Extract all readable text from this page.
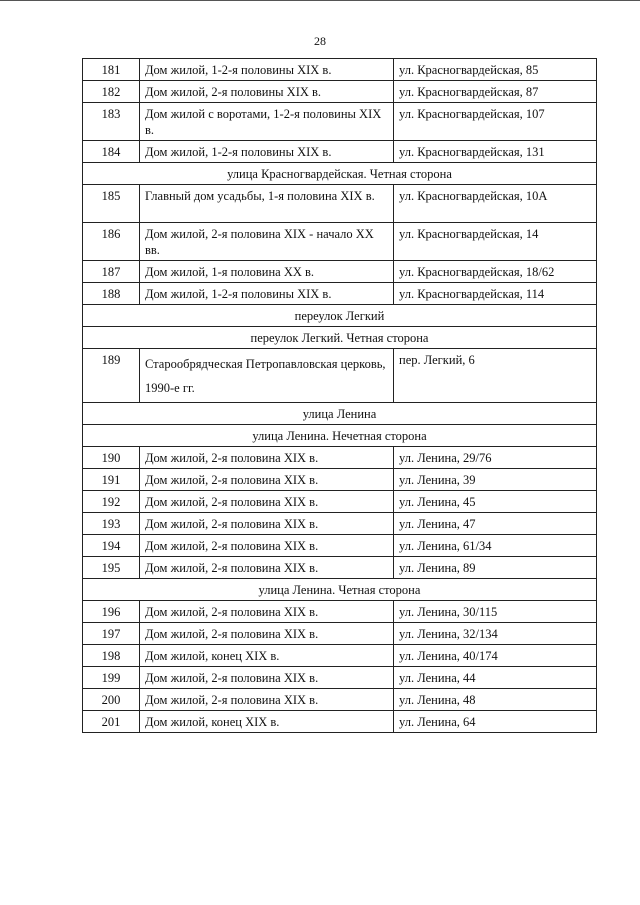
28
181	Дом жилой, 1-2-я половины XIX в.	ул. Красногвардейская, 85
182	Дом жилой, 2-я половины XIX в.	ул. Красногвардейская, 87
183	Дом жилой с воротами, 1-2-я половины XIX в.	ул. Красногвардейская, 107
184	Дом жилой, 1-2-я половины XIX в.	ул. Красногвардейская, 131
улица Красногвардейская. Четная сторона		
185	Главный дом усадьбы, 1-я половина XIX в.	ул. Красногвардейская, 10А
186	Дом жилой, 2-я половина XIX - начало XX вв.	ул. Красногвардейская, 14
187	Дом жилой, 1-я половина XX в.	ул. Красногвардейская, 18/62
188	Дом жилой, 1-2-я половины XIX в.	ул. Красногвардейская, 114
переулок Легкий		
переулок Легкий. Четная сторона		
189	Старообрядческая Петропавловская церковь, 1990-е гг.	пер. Легкий, 6
улица Ленина		
улица Ленина. Нечетная сторона		
190	Дом жилой, 2-я половина XIX в.	ул. Ленина, 29/76
191	Дом жилой, 2-я половина XIX в.	ул. Ленина, 39
192	Дом жилой, 2-я половина XIX в.	ул. Ленина, 45
193	Дом жилой, 2-я половина XIX в.	ул. Ленина, 47
194	Дом жилой, 2-я половина XIX в.	ул. Ленина, 61/34
195	Дом жилой, 2-я половина XIX в.	ул. Ленина, 89
улица Ленина. Четная сторона		
196	Дом жилой, 2-я половина XIX в.	ул. Ленина, 30/115
197	Дом жилой, 2-я половина XIX в.	ул. Ленина, 32/134
198	Дом жилой, конец XIX в.	ул. Ленина, 40/174
199	Дом жилой, 2-я половина XIX в.	ул. Ленина, 44
200	Дом жилой, 2-я половина XIX в.	ул. Ленина, 48
201	Дом жилой, конец XIX в.	ул. Ленина, 64
